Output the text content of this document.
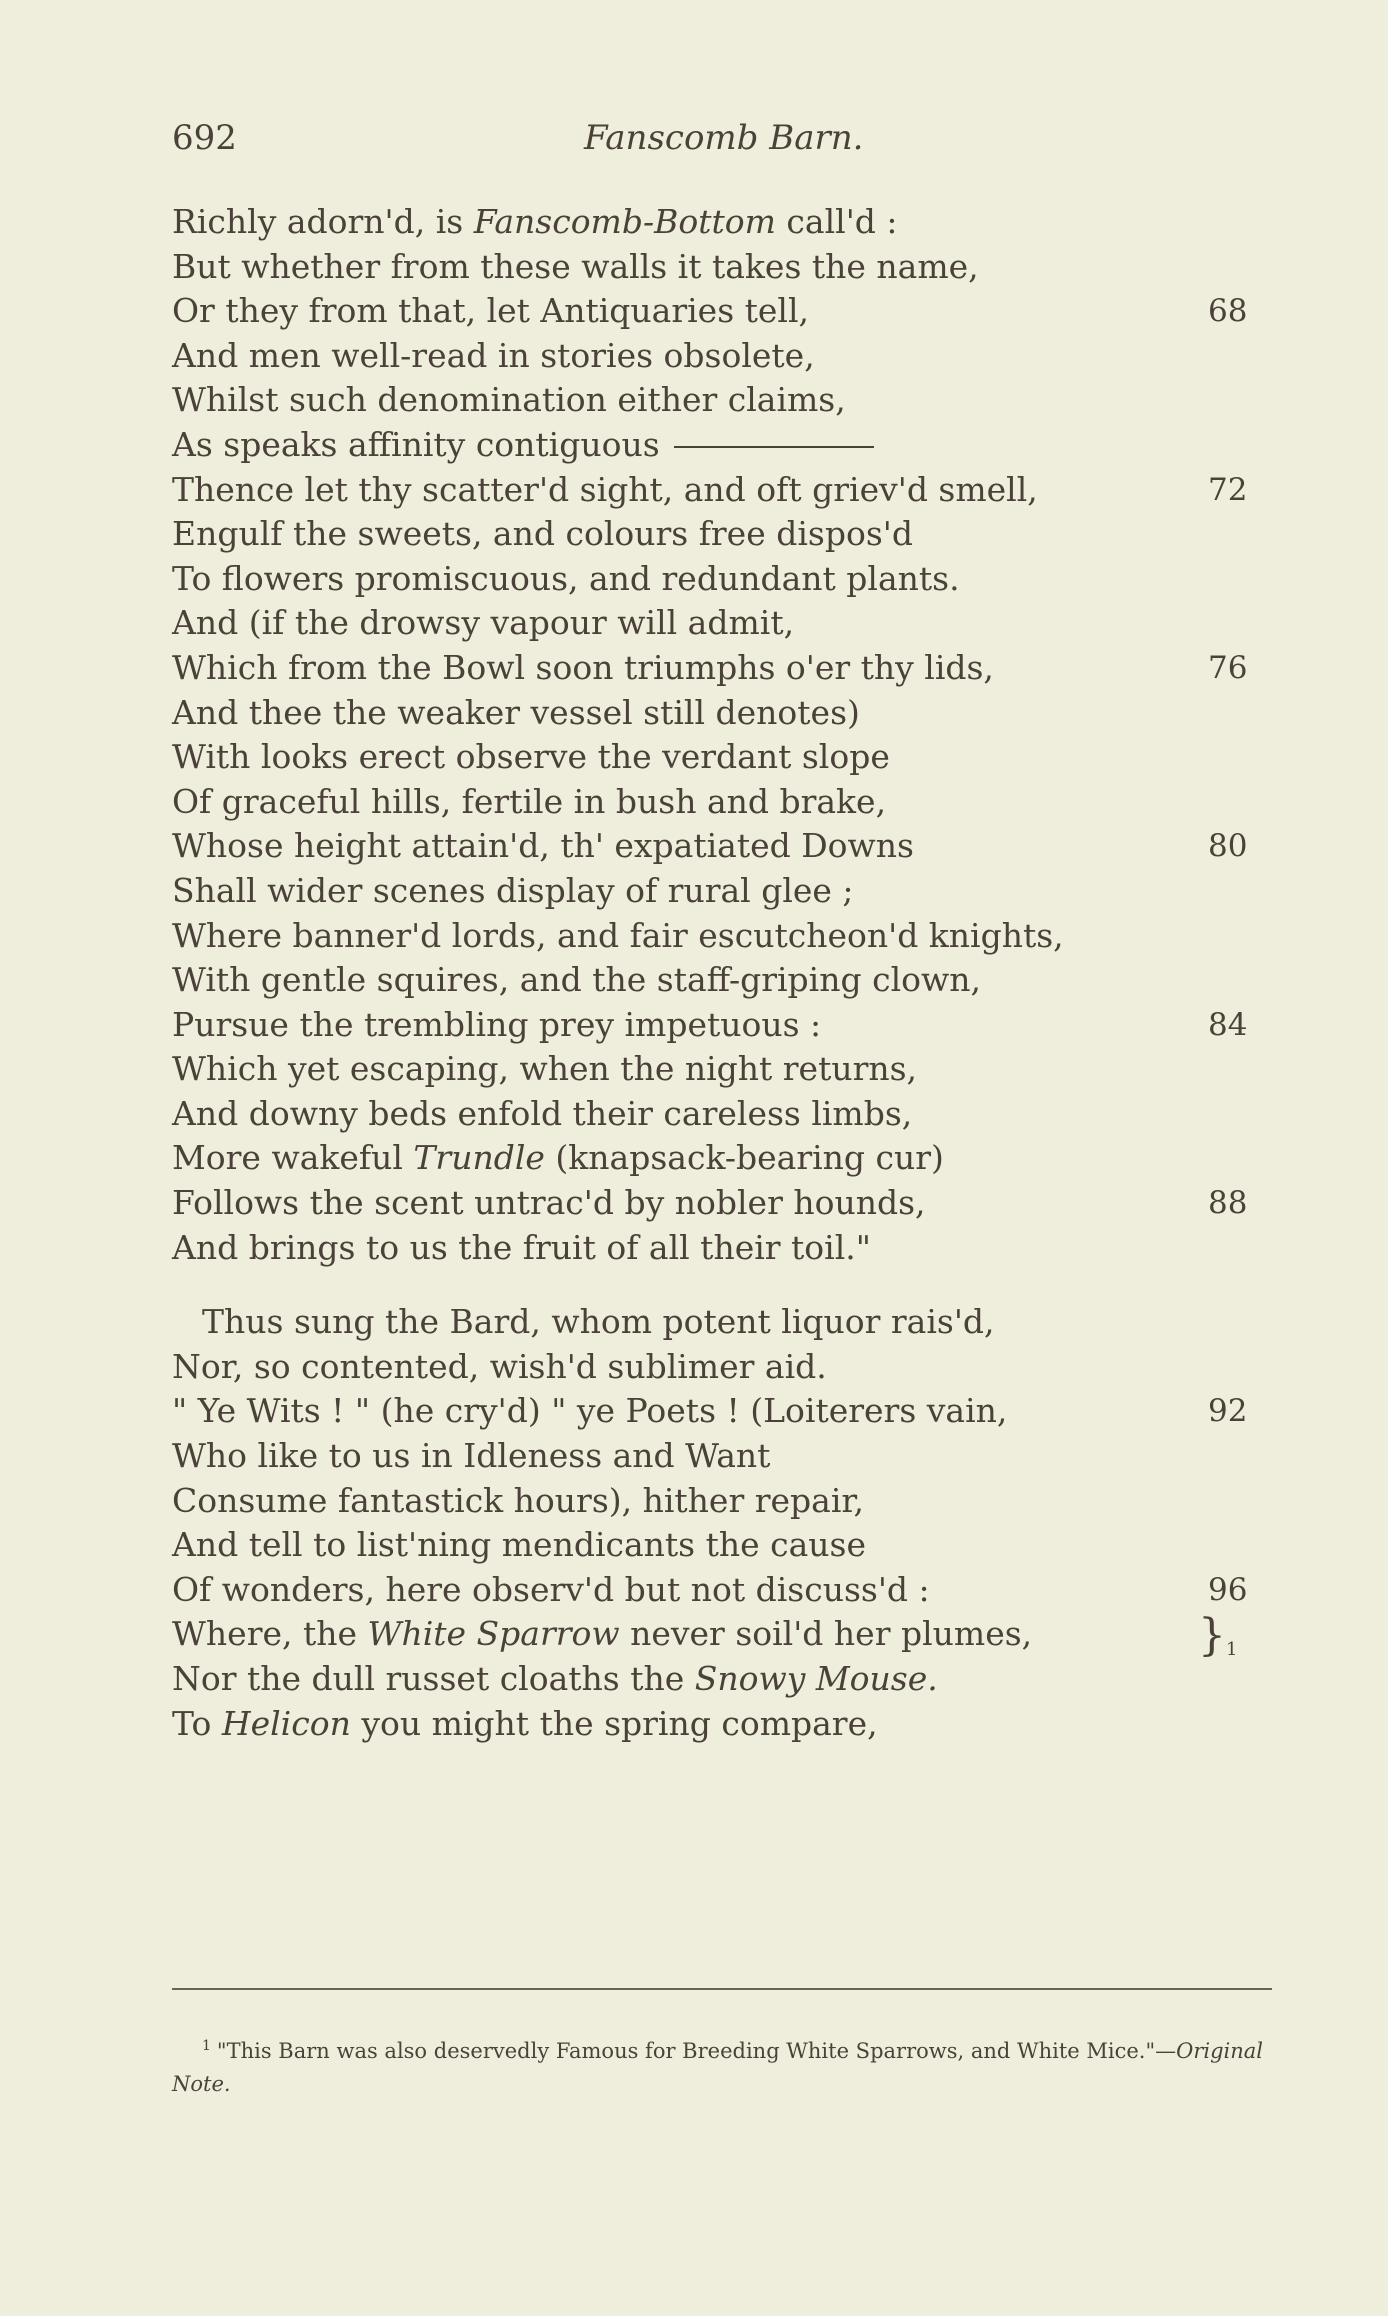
692	Fanscomb Barn.
Richly adorn'd, is Fanscomb-Bottom call'd :
But whether from these walls it takes the name,
Or they from that, let Antiquaries tell,	68
And men well-read in stories obsolete,
Whilst such denomination either claims,
As speaks affinity contiguous
Thence let thy scatter'd sight, and oft griev'd smell,	72
Engulf the sweets, and colours free dispos'd
To flowers promiscuous, and redundant plants.
And (if the drowsy vapour will admit,
Which from the Bowl soon triumphs o'er thy lids,	76
And thee the weaker vessel still denotes)
With looks erect observe the verdant slope
Of graceful hills, fertile in bush and brake,
Whose height attain'd, th' expatiated Downs	80
Shall wider scenes display of rural glee ;
Where banner'd lords, and fair escutcheon'd knights,
With gentle squires, and the staff-griping clown,
Pursue the trembling prey impetuous :	84
Which yet escaping, when the night returns,
And downy beds enfold their careless limbs,
More wakeful Trundle (knapsack-bearing cur)
Follows the scent untrac'd by nobler hounds,	88
And brings to us the fruit of all their toil."
Thus sung the Bard, whom potent liquor rais'd,
Nor, so contented, wish'd sublimer aid.
" Ye Wits ! " (he cry'd) " ye Poets ! (Loiterers vain,	92
Who like to us in Idleness and Want
Consume fantastick hours), hither repair,
And tell to list'ning mendicants the cause
Of wonders, here observ'd but not discuss'd :	96
Where, the White Sparrow never soil'd her plumes,	} 1
Nor the dull russet cloaths the Snowy Mouse.
To Helicon you might the spring compare,
$^1$ "This Barn was also deservedly Famous for Breeding White Sparrows, and White Mice."—Original Note.
